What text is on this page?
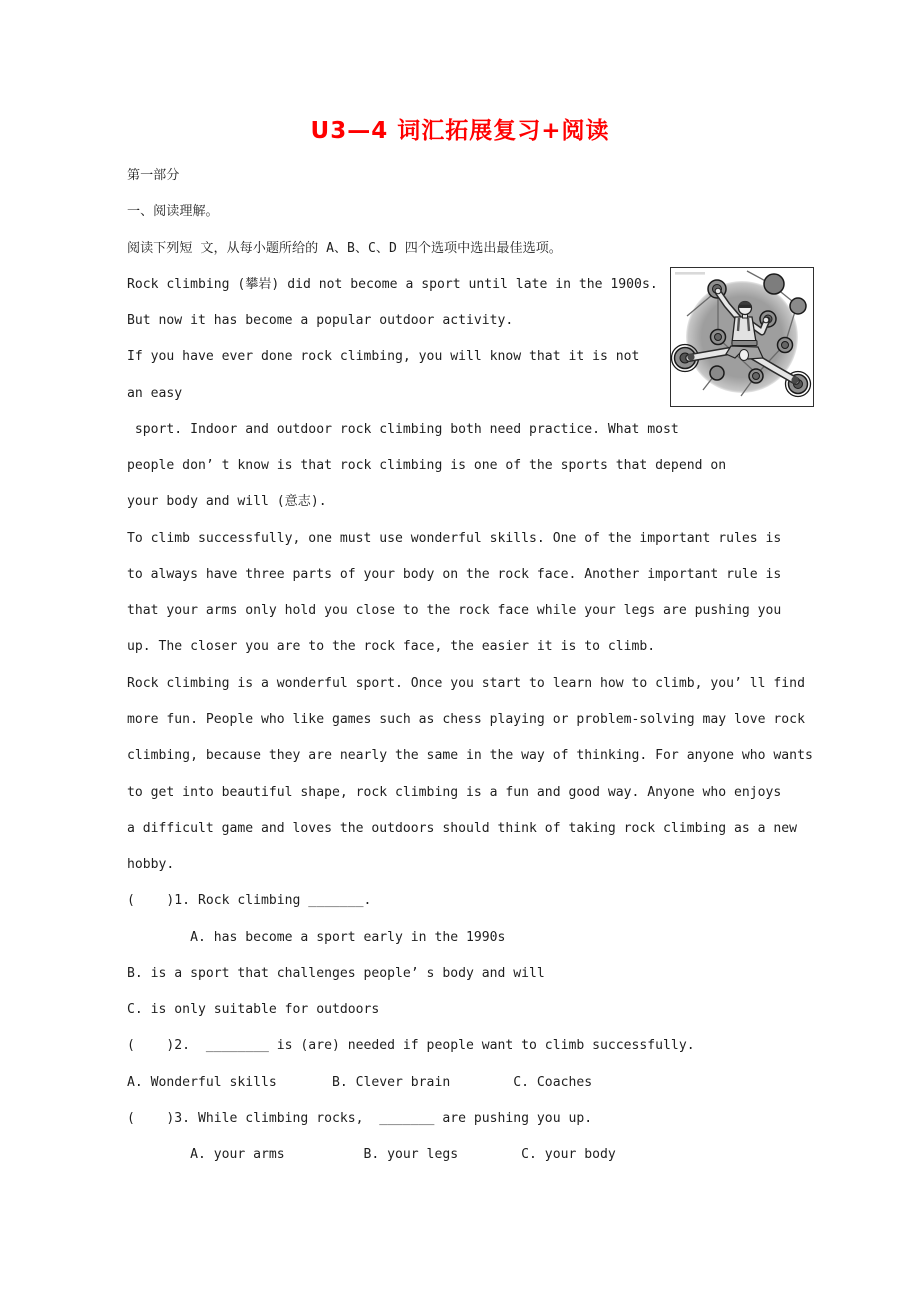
U3—4 词汇拓展复习+阅读
第一部分
一、阅读理解。
阅读下列短 文，从每小题所给的 A、B、C、D 四个选项中选出最佳选项。
Rock climbing (攀岩) did not become a sport until late in the 1900s.
But now it has become a popular outdoor activity.
If you have ever done rock climbing, you will know that it is not
an easy
sport. Indoor and outdoor rock climbing both need practice. What most
people don’ t know is that rock climbing is one of the sports that depend on
your body and will (意志).
To climb successfully, one must use wonderful skills. One of the important rules is
to always have three parts of your body on the rock face. Another important rule is
that your arms only hold you close to the rock face while your legs are pushing you
up. The closer you are to the rock face, the easier it is to climb.
Rock climbing is a wonderful sport. Once you start to learn how to climb, you’ ll find
more fun. People who like games such as chess playing or problem-solving may love rock
climbing, because they are nearly the same in the way of thinking. For anyone who wants
to get into beautiful shape, rock climbing is a fun and good way. Anyone who enjoys
a difficult game and loves the outdoors should think of taking rock climbing as a new
hobby.
(    )1. Rock climbing _______.
A. has become a sport early in the 1990s
B. is a sport that challenges people’ s body and will
C. is only suitable for outdoors
(    )2.  ________ is (are) needed if people want to climb successfully.
A. Wonderful skills       B. Clever brain        C. Coaches
(    )3. While climbing rocks,  _______ are pushing you up.
A. your arms          B. your legs        C. your body
